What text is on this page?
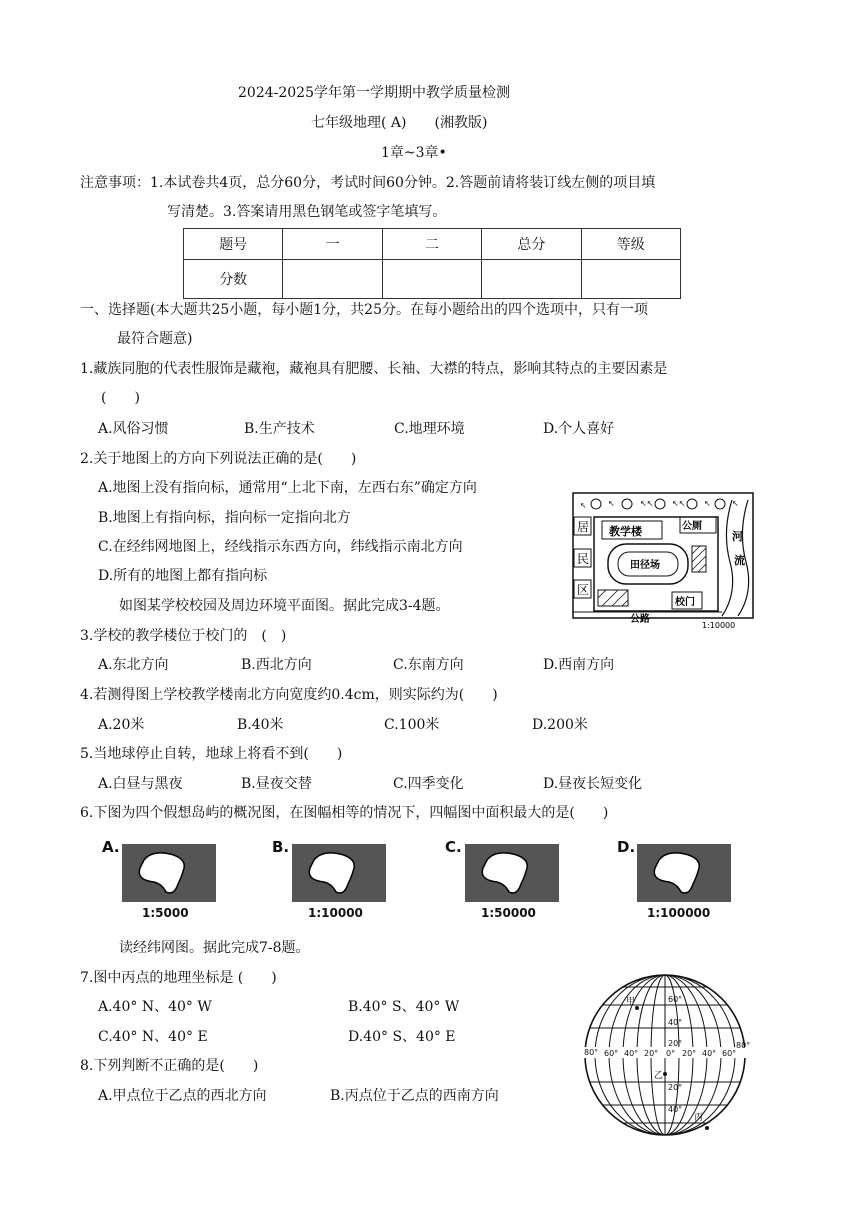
2024-2025学年第一学期期中教学质量检测
七年级地理( A)　　(湘教版)
1章~3章•
注意事项：1.本试卷共4页，总分60分，考试时间60分钟。2.答题前请将装订线左侧的项目填
写清楚。3.答案请用黑色钢笔或签字笔填写。
题号	一	二	总分	等级
分数				
一、选择题(本大题共25小题，每小题1分，共25分。在每小题给出的四个选项中，只有一项
最符合题意)
1.藏族同胞的代表性服饰是藏袍，藏袍具有肥腰、长袖、大襟的特点，影响其特点的主要因素是
(　　)
A.风俗习惯	B.生产技术	C.地理环境	D.个人喜好
2.关于地图上的方向下列说法正确的是(　　)
A.地图上没有指向标，通常用“上北下南，左西右东”确定方向
B.地图上有指向标，指向标一定指向北方
C.在经纬网地图上，经线指示东西方向，纬线指示南北方向
D.所有的地图上都有指向标
如图某学校校园及周边环境平面图。据此完成3-4题。
↖	↖	↖↖ ↖↖ ↖	↖
居
民
区
教学楼	公厕
田径场
校门
河
流
公路
1:10000
3.学校的教学楼位于校门的　(　)
A.东北方向	B.西北方向	C.东南方向	D.西南方向
4.若测得图上学校教学楼南北方向宽度约0.4cm，则实际约为(　　)
A.20米	B.40米	C.100米	D.200米
5.当地球停止自转，地球上将看不到(　　)
A.白昼与黑夜	B.昼夜交替	C.四季变化	D.昼夜长短变化
6.下图为四个假想岛屿的概况图，在图幅相等的情况下，四幅图中面积最大的是(　　)
A.
1:5000
B.
1:10000
C.
1:50000
D.
1:100000
读经纬网图。据此完成7-8题。
80° 60° 40° 20° 0° 20° 40° 60°
80°
60°
40°
20°
20°
40°
甲
乙
丙
7.图中丙点的地理坐标是 (　　)
A.40° N、40° W	B.40° S、40° W
C.40° N、40° E	D.40° S、40° E
8.下列判断不正确的是(　　)
A.甲点位于乙点的西北方向	B.丙点位于乙点的西南方向
